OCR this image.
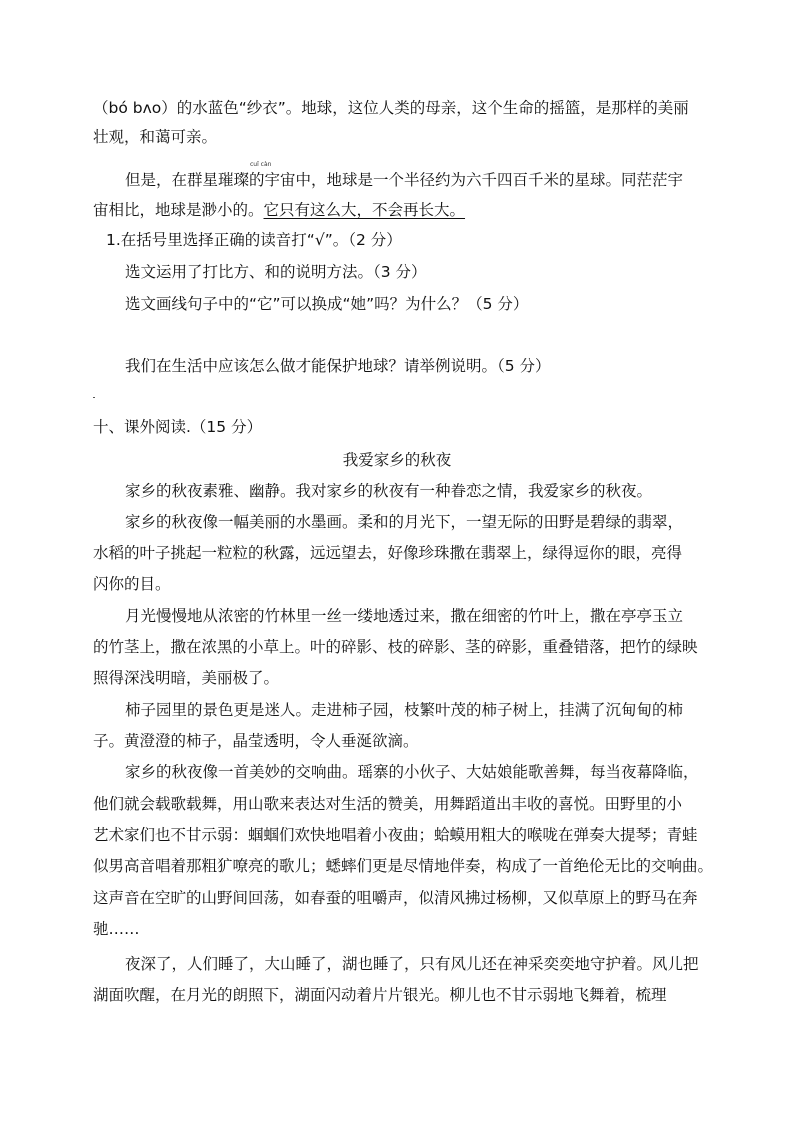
（bó bʌo）的水蓝色“纱衣”。地球，这位人类的母亲，这个生命的摇篮，是那样的美丽
壮观，和蔼可亲。
cuǐ càn
但是，在群星璀璨的宇宙中，地球是一个半径约为六千四百千米的星球。同茫茫宇
宙相比，地球是渺小的。它只有这么大，不会再长大。
1.在括号里选择正确的读音打“√”。（2 分）
选文运用了打比方、和的说明方法。（3 分）
选文画线句子中的“它”可以换成“她”吗？为什么？（5 分）
我们在生活中应该怎么做才能保护地球？请举例说明。（5 分）
十、课外阅读.（15 分）
我爱家乡的秋夜
家乡的秋夜素雅、幽静。我对家乡的秋夜有一种眷恋之情，我爱家乡的秋夜。
家乡的秋夜像一幅美丽的水墨画。柔和的月光下，一望无际的田野是碧绿的翡翠，
水稻的叶子挑起一粒粒的秋露，远远望去，好像珍珠撒在翡翠上，绿得逗你的眼，亮得
闪你的目。
月光慢慢地从浓密的竹林里一丝一缕地透过来，撒在细密的竹叶上，撒在亭亭玉立
的竹茎上，撒在浓黑的小草上。叶的碎影、枝的碎影、茎的碎影，重叠错落，把竹的绿映
照得深浅明暗，美丽极了。
柿子园里的景色更是迷人。走进柿子园，枝繁叶茂的柿子树上，挂满了沉甸甸的柿
子。黄澄澄的柿子，晶莹透明，令人垂涎欲滴。
家乡的秋夜像一首美妙的交响曲。瑶寨的小伙子、大姑娘能歌善舞，每当夜幕降临，
他们就会载歌载舞，用山歌来表达对生活的赞美，用舞蹈道出丰收的喜悦。田野里的小
艺术家们也不甘示弱：蝈蝈们欢快地唱着小夜曲；蛤蟆用粗大的喉咙在弹奏大提琴；青蛙
似男高音唱着那粗犷嘹亮的歌儿；蟋蟀们更是尽情地伴奏，构成了一首绝伦无比的交响曲。
这声音在空旷的山野间回荡，如春蚕的咀嚼声，似清风拂过杨柳，又似草原上的野马在奔
驰……
夜深了，人们睡了，大山睡了，湖也睡了，只有风儿还在神采奕奕地守护着。风儿把
湖面吹醒，在月光的朗照下，湖面闪动着片片银光。柳儿也不甘示弱地飞舞着，梳理
